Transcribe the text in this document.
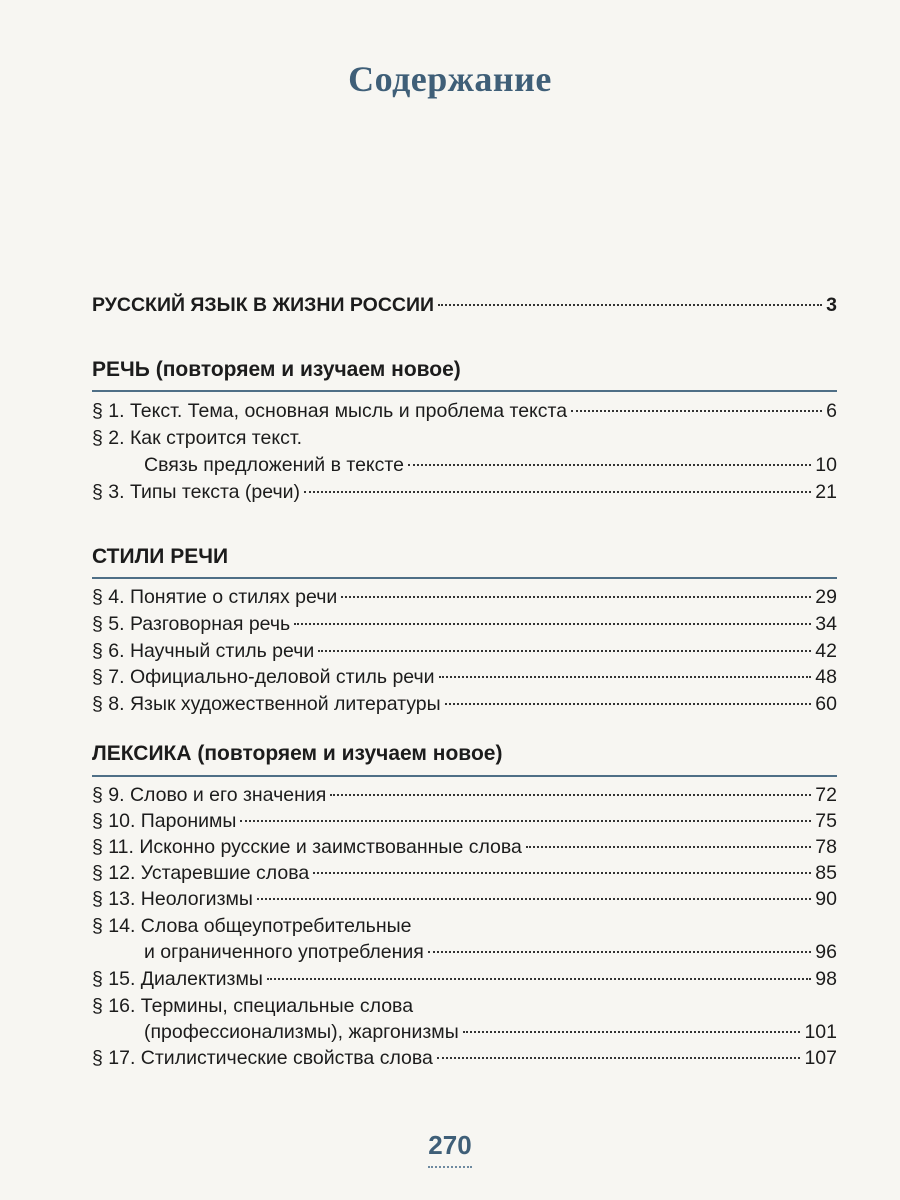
Содержание
РУССКИЙ ЯЗЫК В ЖИЗНИ РОССИИ	3
РЕЧЬ (повторяем и изучаем новое)
§ 1. Текст. Тема, основная мысль и проблема текста	6
§ 2. Как строится текст.
Связь предложений в тексте	10
§ 3. Типы текста (речи)	21
СТИЛИ РЕЧИ
§ 4. Понятие о стилях речи	29
§ 5. Разговорная речь	34
§ 6. Научный стиль речи	42
§ 7. Официально-деловой стиль речи	48
§ 8. Язык художественной литературы	60
ЛЕКСИКА (повторяем и изучаем новое)
§ 9. Слово и его значения	72
§ 10. Паронимы	75
§ 11. Исконно русские и заимствованные слова	78
§ 12. Устаревшие слова	85
§ 13. Неологизмы	90
§ 14. Слова общеупотребительные
и ограниченного употребления	96
§ 15. Диалектизмы	98
§ 16. Термины, специальные слова
(профессионализмы), жаргонизмы	101
§ 17. Стилистические свойства слова	107
270
